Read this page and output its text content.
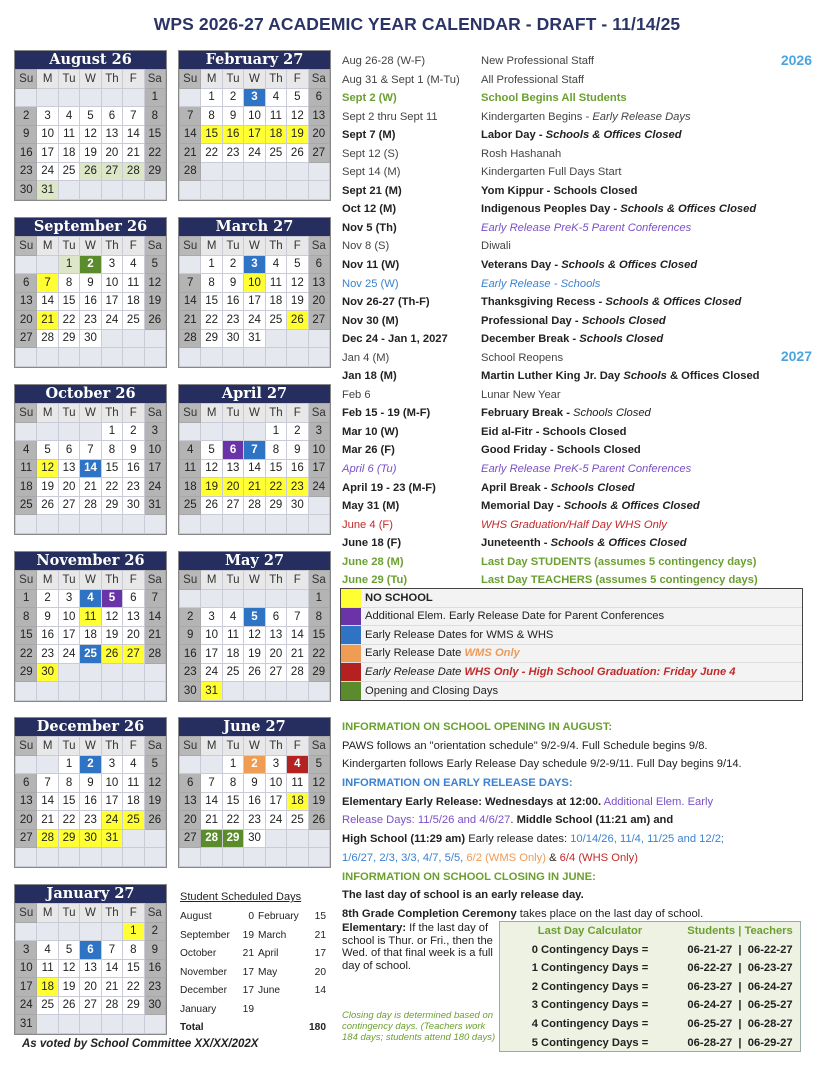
WPS 2026-27 ACADEMIC YEAR CALENDAR - DRAFT - 11/14/25
August 26
Su	M	Tu	W	Th	F	Sa
						1
2	3	4	5	6	7	8
9	10	11	12	13	14	15
16	17	18	19	20	21	22
23	24	25	26	27	28	29
30	31					
February 27
Su	M	Tu	W	Th	F	Sa
	1	2	3	4	5	6
7	8	9	10	11	12	13
14	15	16	17	18	19	20
21	22	23	24	25	26	27
28						

September 26
Su	M	Tu	W	Th	F	Sa
		1	2	3	4	5
6	7	8	9	10	11	12
13	14	15	16	17	18	19
20	21	22	23	24	25	26
27	28	29	30			

March 27
Su	M	Tu	W	Th	F	Sa
	1	2	3	4	5	6
7	8	9	10	11	12	13
14	15	16	17	18	19	20
21	22	23	24	25	26	27
28	29	30	31			

October 26
Su	M	Tu	W	Th	F	Sa
				1	2	3
4	5	6	7	8	9	10
11	12	13	14	15	16	17
18	19	20	21	22	23	24
25	26	27	28	29	30	31

April 27
Su	M	Tu	W	Th	F	Sa
				1	2	3
4	5	6	7	8	9	10
11	12	13	14	15	16	17
18	19	20	21	22	23	24
25	26	27	28	29	30	

November 26
Su	M	Tu	W	Th	F	Sa
1	2	3	4	5	6	7
8	9	10	11	12	13	14
15	16	17	18	19	20	21
22	23	24	25	26	27	28
29	30					

May 27
Su	M	Tu	W	Th	F	Sa
						1
2	3	4	5	6	7	8
9	10	11	12	13	14	15
16	17	18	19	20	21	22
23	24	25	26	27	28	29
30	31					
December 26
Su	M	Tu	W	Th	F	Sa
		1	2	3	4	5
6	7	8	9	10	11	12
13	14	15	16	17	18	19
20	21	22	23	24	25	26
27	28	29	30	31		

June 27
Su	M	Tu	W	Th	F	Sa
		1	2	3	4	5
6	7	8	9	10	11	12
13	14	15	16	17	18	19
20	21	22	23	24	25	26
27	28	29	30			

January 27
Su	M	Tu	W	Th	F	Sa
					1	2
3	4	5	6	7	8	9
10	11	12	13	14	15	16
17	18	19	20	21	22	23
24	25	26	27	28	29	30
31						
2026
2027
Aug 26-28 (W-F)	New Professional Staff
Aug 31 & Sept 1 (M-Tu)	All Professional Staff
Sept 2 (W)	School Begins All Students
Sept 2 thru Sept 11	Kindergarten Begins - Early Release Days
Sept 7 (M)	Labor Day - Schools & Offices Closed
Sept 12 (S)	Rosh Hashanah
Sept 14 (M)	Kindergarten Full Days Start
Sept 21 (M)	Yom Kippur - Schools Closed
Oct 12 (M)	Indigenous Peoples Day - Schools & Offices Closed
Nov 5 (Th)	Early Release PreK-5 Parent Conferences
Nov 8 (S)	Diwali
Nov 11 (W)	Veterans Day - Schools & Offices Closed
Nov 25 (W)	Early Release - Schools
Nov 26-27 (Th-F)	Thanksgiving Recess - Schools & Offices Closed
Nov 30 (M)	Professional Day - Schools Closed
Dec 24 - Jan 1, 2027	December Break - Schools Closed
Jan 4 (M)	School Reopens
Jan 18 (M)	Martin Luther King Jr. Day Schools & Offices Closed
Feb 6	Lunar New Year
Feb 15 - 19 (M-F)	February Break - Schools Closed
Mar 10 (W)	Eid al-Fitr - Schools Closed
Mar 26 (F)	Good Friday - Schools Closed
April 6 (Tu)	Early Release PreK-5 Parent Conferences
April 19 - 23 (M-F)	April Break - Schools Closed
May 31 (M)	Memorial Day - Schools & Offices Closed
June 4 (F)	WHS Graduation/Half Day WHS Only
June 18 (F)	Juneteenth - Schools & Offices Closed
June 28 (M)	Last Day STUDENTS (assumes 5 contingency days)
June 29 (Tu)	Last Day TEACHERS (assumes 5 contingency days)
NO SCHOOL
Additional Elem. Early Release Date for Parent Conferences
Early Release Dates for WMS & WHS
Early Release Date WMS Only
Early Release Date WHS Only - High School Graduation: Friday June 4
Opening and Closing Days
INFORMATION ON SCHOOL OPENING IN AUGUST:
PAWS follows an "orientation schedule" 9/2-9/4. Full Schedule begins 9/8.
Kindergarten follows Early Release Day schedule 9/2-9/11. Full Day begins 9/14.
INFORMATION ON EARLY RELEASE DAYS:
Elementary Early Release: Wednesdays at 12:00. Additional Elem. Early
Release Days: 11/5/26 and 4/6/27. Middle School (11:21 am) and
High School (11:29 am) Early release dates: 10/14/26, 11/4, 11/25 and 12/2;
1/6/27, 2/3, 3/3, 4/7, 5/5, 6/2 (WMS Only) & 6/4 (WHS Only)
INFORMATION ON SCHOOL CLOSING IN JUNE:
The last day of school is an early release day.
8th Grade Completion Ceremony takes place on the last day of school.
Elementary: If the last day of school is Thur. or Fri., then the Wed. of that final week is a full day of school.
Closing day is determined based on contingency days. (Teachers work 184 days; students attend 180 days)
Last Day Calculator	Students | Teachers
0 Contingency Days =	06-21-27  |  06-22-27
1 Contingency Days =	06-22-27  |  06-23-27
2 Contingency Days =	06-23-27  |  06-24-27
3 Contingency Days =	06-24-27  |  06-25-27
4 Contingency Days =	06-25-27  |  06-28-27
5 Contingency Days =	06-28-27  |  06-29-27
Student Scheduled Days
August	0 February	15
September	19 March	21
October	21 April	17
November	17 May	20
December	17 June	14
January	19
Total	180
As voted by School Committee XX/XX/202X
